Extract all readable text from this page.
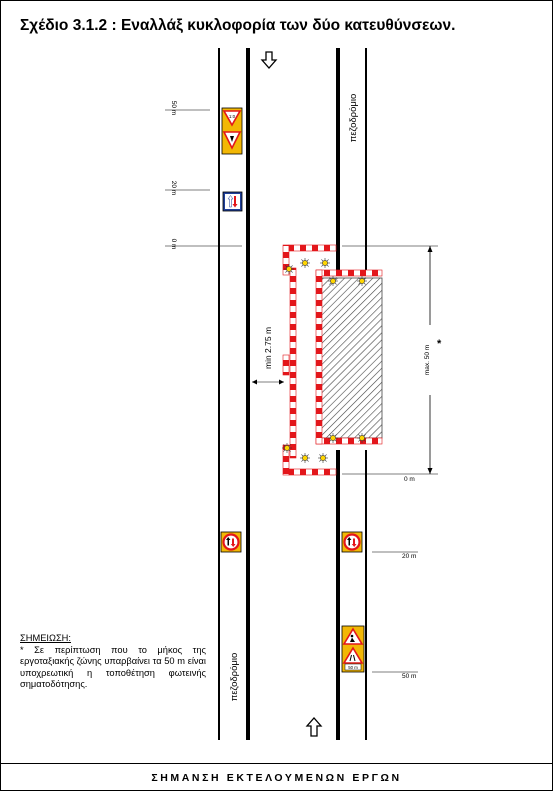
Σχέδιο 3.1.2 : Εναλλάξ κυκλοφορία των δύο κατευθύνσεων.
πεζοδρόμιο
πεζοδρόμιο
50 m
20 m
0 m
1:0
min 2.75 m	max. 50 m
*
0 m
20 m
50 m
50 m
ΣΗΜΕΙΩΣΗ:
* Σε περίπτωση που το μήκος της εργοταξιακής ζώνης υπαρβαίνει τα 50 m είναι υποχρεωτική η τοποθέτηση φωτεινής σηματοδότησης.
ΣΗΜΑΝΣΗ ΕΚΤΕΛΟΥΜΕΝΩΝ ΕΡΓΩΝ
